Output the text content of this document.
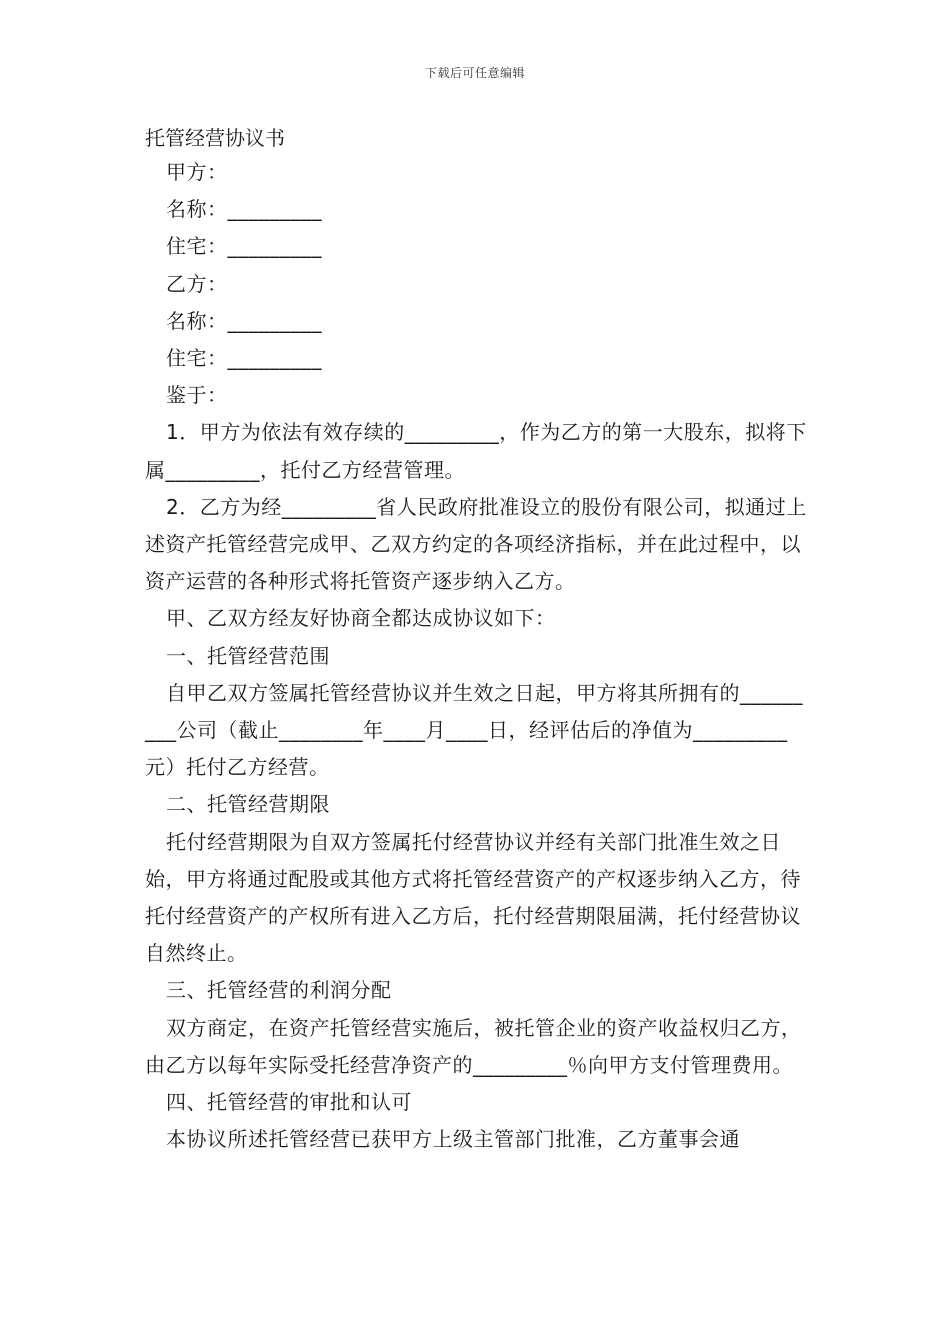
下载后可任意编辑

托管经营协议书

甲方：

名称：_________

住宅：_________

乙方：

名称：_________

住宅：_________

鉴于：

1．甲方为依法有效存续的_________，作为乙方的第一大股东，拟将下属_________，托付乙方经营管理。

2．乙方为经_________省人民政府批准设立的股份有限公司，拟通过上述资产托管经营完成甲、乙双方约定的各项经济指标，并在此过程中，以资产运营的各种形式将托管资产逐步纳入乙方。

甲、乙双方经友好协商全都达成协议如下：

一、托管经营范围

自甲乙双方签属托管经营协议并生效之日起，甲方将其所拥有的_________公司（截止________年____月____日，经评估后的净值为_________元）托付乙方经营。

二、托管经营期限

托付经营期限为自双方签属托付经营协议并经有关部门批准生效之日始，甲方将通过配股或其他方式将托管经营资产的产权逐步纳入乙方，待托付经营资产的产权所有进入乙方后，托付经营期限届满，托付经营协议自然终止。

三、托管经营的利润分配

双方商定，在资产托管经营实施后，被托管企业的资产收益权归乙方，由乙方以每年实际受托经营净资产的_________％向甲方支付管理费用。

四、托管经营的审批和认可

本协议所述托管经营已获甲方上级主管部门批准，乙方董事会通
